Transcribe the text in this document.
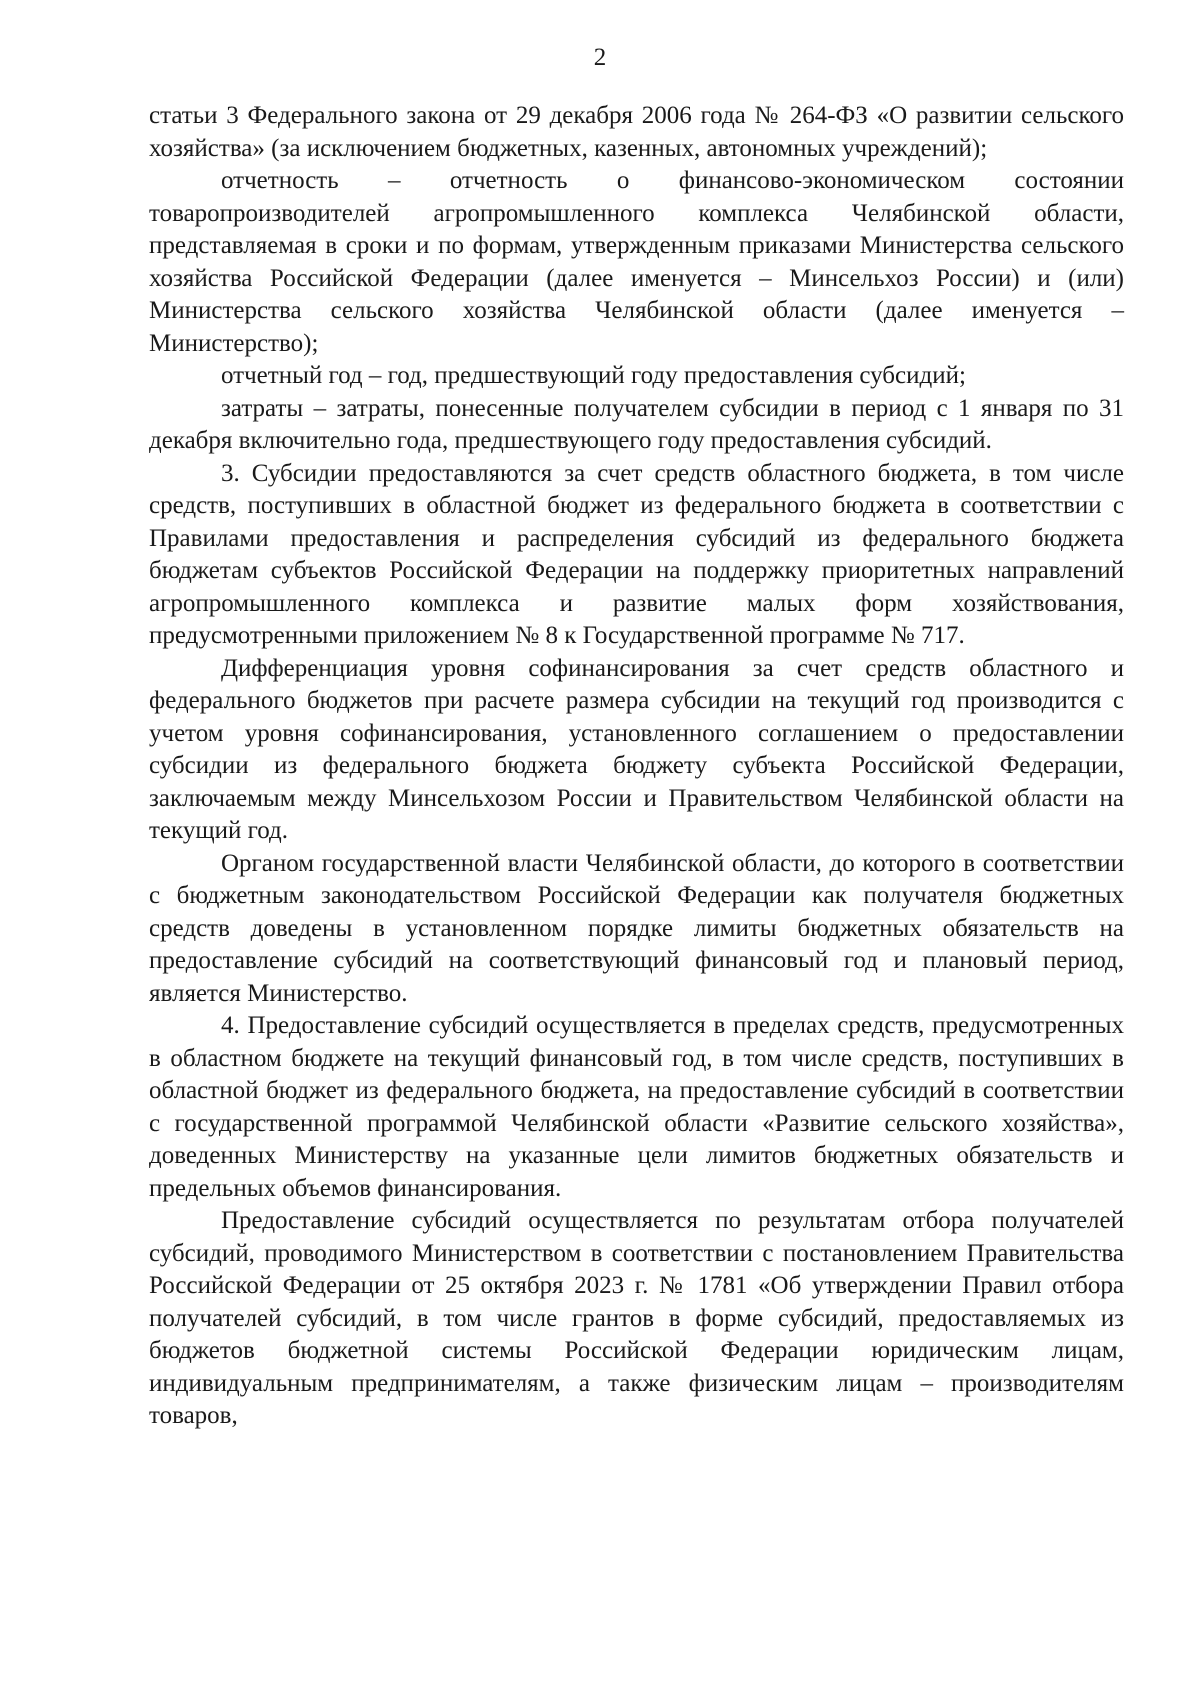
2

статьи 3 Федерального закона от 29 декабря 2006 года № 264-ФЗ «О развитии сельского хозяйства» (за исключением бюджетных, казенных, автономных учреждений);

отчетность – отчетность о финансово-экономическом состоянии товаропроизводителей агропромышленного комплекса Челябинской области, представляемая в сроки и по формам, утвержденным приказами Министерства сельского хозяйства Российской Федерации (далее именуется – Минсельхоз России) и (или) Министерства сельского хозяйства Челябинской области (далее именуется – Министерство);

отчетный год – год, предшествующий году предоставления субсидий;

затраты – затраты, понесенные получателем субсидии в период с 1 января по 31 декабря включительно года, предшествующего году предоставления субсидий.

3. Субсидии предоставляются за счет средств областного бюджета, в том числе средств, поступивших в областной бюджет из федерального бюджета в соответствии с Правилами предоставления и распределения субсидий из федерального бюджета бюджетам субъектов Российской Федерации на поддержку приоритетных направлений агропромышленного комплекса и развитие малых форм хозяйствования, предусмотренными приложением № 8 к Государственной программе № 717.

Дифференциация уровня софинансирования за счет средств областного и федерального бюджетов при расчете размера субсидии на текущий год производится с учетом уровня софинансирования, установленного соглашением о предоставлении субсидии из федерального бюджета бюджету субъекта Российской Федерации, заключаемым между Минсельхозом России и Правительством Челябинской области на текущий год.

Органом государственной власти Челябинской области, до которого в соответствии с бюджетным законодательством Российской Федерации как получателя бюджетных средств доведены в установленном порядке лимиты бюджетных обязательств на предоставление субсидий на соответствующий финансовый год и плановый период, является Министерство.

4. Предоставление субсидий осуществляется в пределах средств, предусмотренных в областном бюджете на текущий финансовый год, в том числе средств, поступивших в областной бюджет из федерального бюджета, на предоставление субсидий в соответствии с государственной программой Челябинской области «Развитие сельского хозяйства», доведенных Министерству на указанные цели лимитов бюджетных обязательств и предельных объемов финансирования.

Предоставление субсидий осуществляется по результатам отбора получателей субсидий, проводимого Министерством в соответствии с постановлением Правительства Российской Федерации от 25 октября 2023 г. № 1781 «Об утверждении Правил отбора получателей субсидий, в том числе грантов в форме субсидий, предоставляемых из бюджетов бюджетной системы Российской Федерации юридическим лицам, индивидуальным предпринимателям, а также физическим лицам – производителям товаров,
